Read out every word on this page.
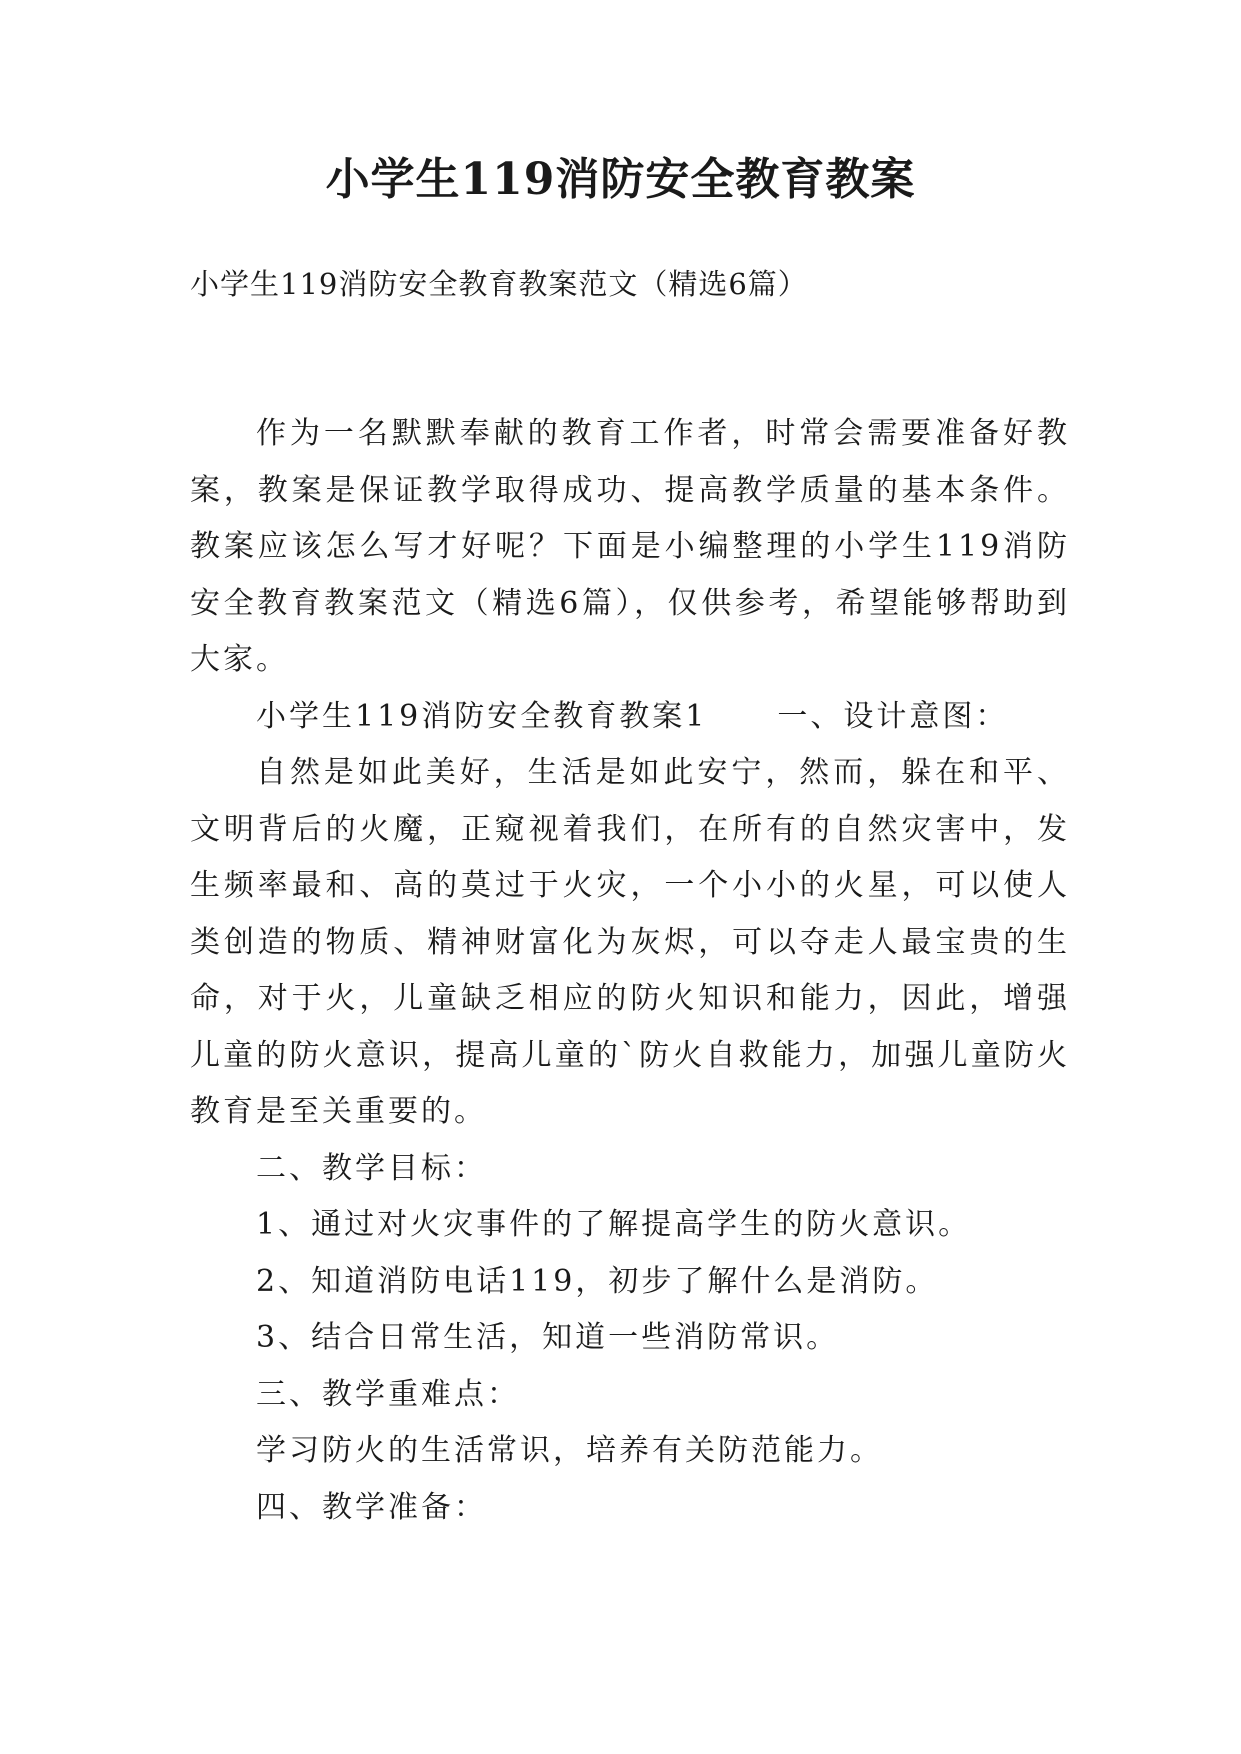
小学生119消防安全教育教案

小学生119消防安全教育教案范文（精选6篇）

作为一名默默奉献的教育工作者，时常会需要准备好教案，教案是保证教学取得成功、提高教学质量的基本条件。教案应该怎么写才好呢？下面是小编整理的小学生119消防安全教育教案范文（精选6篇），仅供参考，希望能够帮助到大家。

小学生119消防安全教育教案1 一、设计意图：

自然是如此美好，生活是如此安宁，然而，躲在和平、文明背后的火魔，正窥视着我们，在所有的自然灾害中，发生频率最和、高的莫过于火灾，一个小小的火星，可以使人类创造的物质、精神财富化为灰烬，可以夺走人最宝贵的生命，对于火，儿童缺乏相应的防火知识和能力，因此，增强儿童的防火意识，提高儿童的`防火自救能力，加强儿童防火教育是至关重要的。

二、教学目标：

1、通过对火灾事件的了解提高学生的防火意识。

2、知道消防电话119，初步了解什么是消防。

3、结合日常生活，知道一些消防常识。

三、教学重难点：

学习防火的生活常识，培养有关防范能力。

四、教学准备：
